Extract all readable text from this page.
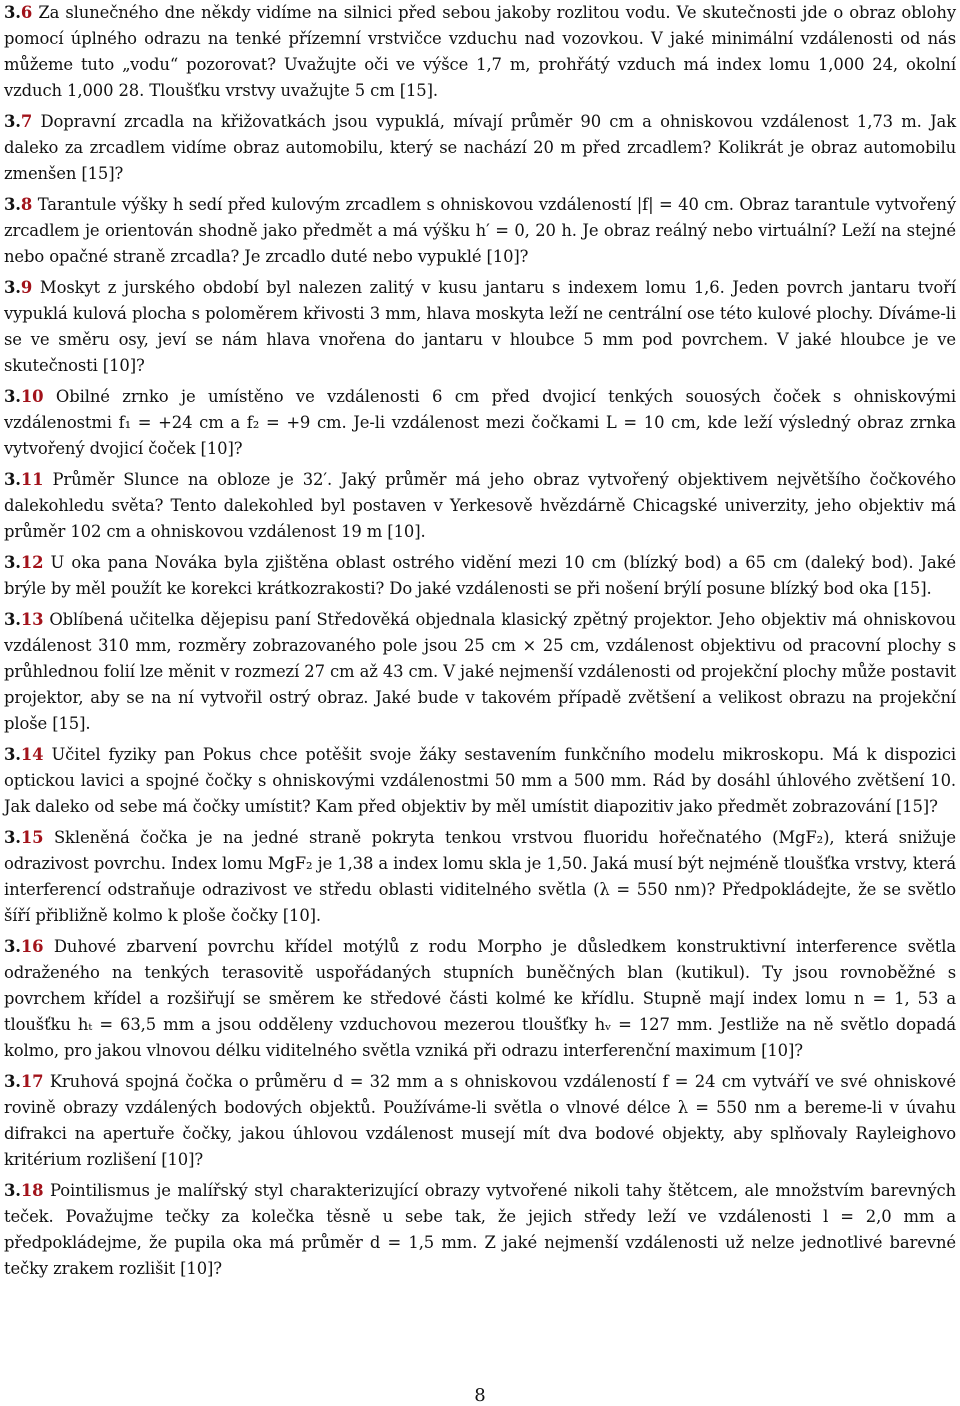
3.6 Za slunečného dne někdy vidíme na silnici před sebou jakoby rozlitou vodu. Ve skutečnosti jde o obraz oblohy pomocí úplného odrazu na tenké přízemní vrstvičce vzduchu nad vozovkou. V jaké minimální vzdálenosti od nás můžeme tuto „vodu“ pozorovat? Uvažujte oči ve výšce 1,7 m, prohřátý vzduch má index lomu 1,000 24, okolní vzduch 1,000 28. Tloušťku vrstvy uvažujte 5 cm [15].

3.7 Dopravní zrcadla na křižovatkách jsou vypuklá, mívají průměr 90 cm a ohniskovou vzdálenost 1,73 m. Jak daleko za zrcadlem vidíme obraz automobilu, který se nachází 20 m před zrcadlem? Kolikrát je obraz automobilu zmenšen [15]?

3.8 Tarantule výšky h sedí před kulovým zrcadlem s ohniskovou vzdáleností |f| = 40 cm. Obraz tarantule vytvořený zrcadlem je orientován shodně jako předmět a má výšku h′ = 0, 20 h. Je obraz reálný nebo virtuální? Leží na stejné nebo opačné straně zrcadla? Je zrcadlo duté nebo vypuklé [10]?

3.9 Moskyt z jurského období byl nalezen zalitý v kusu jantaru s indexem lomu 1,6. Jeden povrch jantaru tvoří vypuklá kulová plocha s poloměrem křivosti 3 mm, hlava moskyta leží ne centrální ose této kulové plochy. Díváme-li se ve směru osy, jeví se nám hlava vnořena do jantaru v hloubce 5 mm pod povrchem. V jaké hloubce je ve skutečnosti [10]?

3.10 Obilné zrnko je umístěno ve vzdálenosti 6 cm před dvojicí tenkých souosých čoček s ohniskovými vzdálenostmi f₁ = +24 cm a f₂ = +9 cm. Je-li vzdálenost mezi čočkami L = 10 cm, kde leží výsledný obraz zrnka vytvořený dvojicí čoček [10]?

3.11 Průměr Slunce na obloze je 32′. Jaký průměr má jeho obraz vytvořený objektivem největšího čočkového dalekohledu světa? Tento dalekohled byl postaven v Yerkesově hvězdárně Chicagské univerzity, jeho objektiv má průměr 102 cm a ohniskovou vzdálenost 19 m [10].

3.12 U oka pana Nováka byla zjištěna oblast ostrého vidění mezi 10 cm (blízký bod) a 65 cm (daleký bod). Jaké brýle by měl použít ke korekci krátkozrakosti? Do jaké vzdálenosti se při nošení brýlí posune blízký bod oka [15].

3.13 Oblíbená učitelka dějepisu paní Středověká objednala klasický zpětný projektor. Jeho objektiv má ohniskovou vzdálenost 310 mm, rozměry zobrazovaného pole jsou 25 cm × 25 cm, vzdálenost objektivu od pracovní plochy s průhlednou folií lze měnit v rozmezí 27 cm až 43 cm. V jaké nejmenší vzdálenosti od projekční plochy může postavit projektor, aby se na ní vytvořil ostrý obraz. Jaké bude v takovém případě zvětšení a velikost obrazu na projekční ploše [15].

3.14 Učitel fyziky pan Pokus chce potěšit svoje žáky sestavením funkčního modelu mikroskopu. Má k dispozici optickou lavici a spojné čočky s ohniskovými vzdálenostmi 50 mm a 500 mm. Rád by dosáhl úhlového zvětšení 10. Jak daleko od sebe má čočky umístit? Kam před objektiv by měl umístit diapozitiv jako předmět zobrazování [15]?

3.15 Skleněná čočka je na jedné straně pokryta tenkou vrstvou fluoridu hořečnatého (MgF₂), která snižuje odrazivost povrchu. Index lomu MgF₂ je 1,38 a index lomu skla je 1,50. Jaká musí být nejméně tloušťka vrstvy, která interferencí odstraňuje odrazivost ve středu oblasti viditelného světla (λ = 550 nm)? Předpokládejte, že se světlo šíří přibližně kolmo k ploše čočky [10].

3.16 Duhové zbarvení povrchu křídel motýlů z rodu Morpho je důsledkem konstruktivní interference světla odraženého na tenkých terasovitě uspořádaných stupních buněčných blan (kutikul). Ty jsou rovnoběžné s povrchem křídel a rozšiřují se směrem ke středové části kolmé ke křídlu. Stupně mají index lomu n = 1, 53 a tloušťku hₜ = 63,5 mm a jsou odděleny vzduchovou mezerou tloušťky hᵥ = 127 mm. Jestliže na ně světlo dopadá kolmo, pro jakou vlnovou délku viditelného světla vzniká při odrazu interferenční maximum [10]?

3.17 Kruhová spojná čočka o průměru d = 32 mm a s ohniskovou vzdáleností f = 24 cm vytváří ve své ohniskové rovině obrazy vzdálených bodových objektů. Používáme-li světla o vlnové délce λ = 550 nm a bereme-li v úvahu difrakci na apertuře čočky, jakou úhlovou vzdálenost musejí mít dva bodové objekty, aby splňovaly Rayleighovo kritérium rozlišení [10]?

3.18 Pointilismus je malířský styl charakterizující obrazy vytvořené nikoli tahy štětcem, ale množstvím barevných teček. Považujme tečky za kolečka těsně u sebe tak, že jejich středy leží ve vzdálenosti l = 2,0 mm a předpokládejme, že pupila oka má průměr d = 1,5 mm. Z jaké nejmenší vzdálenosti už nelze jednotlivé barevné tečky zrakem rozlišit [10]?

8
